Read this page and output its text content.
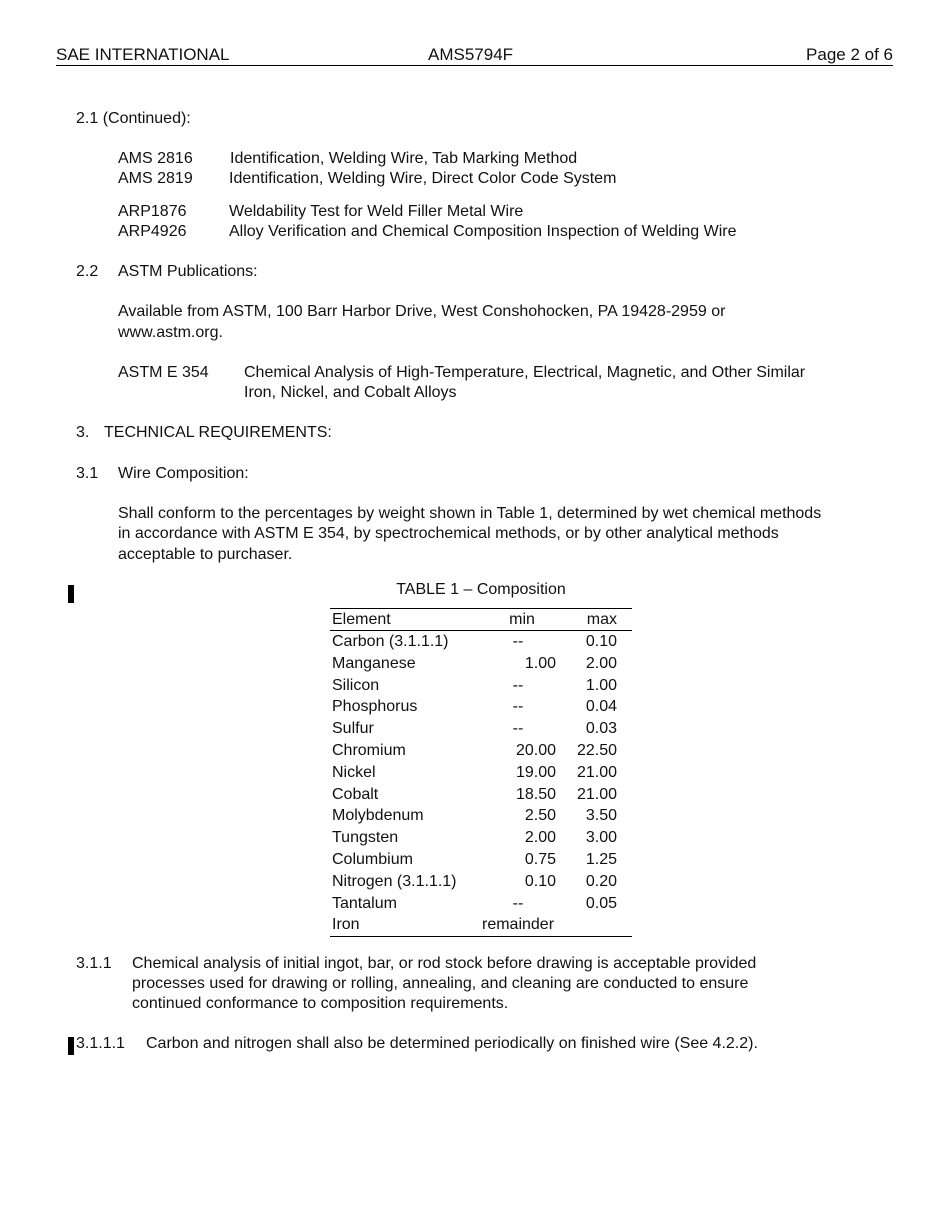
SAE INTERNATIONAL	AMS5794F	Page 2 of 6
2.1 (Continued):
AMS 2816 Identification, Welding Wire, Tab Marking Method
AMS 2819 Identification, Welding Wire, Direct Color Code System
ARP1876	Weldability Test for Weld Filler Metal Wire
ARP4926	Alloy Verification and Chemical Composition Inspection of Welding Wire
2.2 ASTM Publications:
Available from ASTM, 100 Barr Harbor Drive, West Conshohocken, PA 19428-2959 or
www.astm.org.
ASTM E 354 Chemical Analysis of High-Temperature, Electrical, Magnetic, and Other Similar
Iron, Nickel, and Cobalt Alloys
3. TECHNICAL REQUIREMENTS:
3.1 Wire Composition:
Shall conform to the percentages by weight shown in Table 1, determined by wet chemical methods
in accordance with ASTM E 354, by spectrochemical methods, or by other analytical methods
acceptable to purchaser.
TABLE 1 – Composition
Element	min	max
Carbon (3.1.1.1)	--	0.10
Manganese	1.00	2.00
Silicon	--	1.00
Phosphorus	--	0.04
Sulfur	--	0.03
Chromium	20.00	22.50
Nickel	19.00	21.00
Cobalt	18.50	21.00
Molybdenum	2.50	3.50
Tungsten	2.00	3.00
Columbium	0.75	1.25
Nitrogen (3.1.1.1)	0.10	0.20
Tantalum	--	0.05
Iron	remainder
3.1.1 Chemical analysis of initial ingot, bar, or rod stock before drawing is acceptable provided
processes used for drawing or rolling, annealing, and cleaning are conducted to ensure
continued conformance to composition requirements.
3.1.1.1 Carbon and nitrogen shall also be determined periodically on finished wire (See 4.2.2).
